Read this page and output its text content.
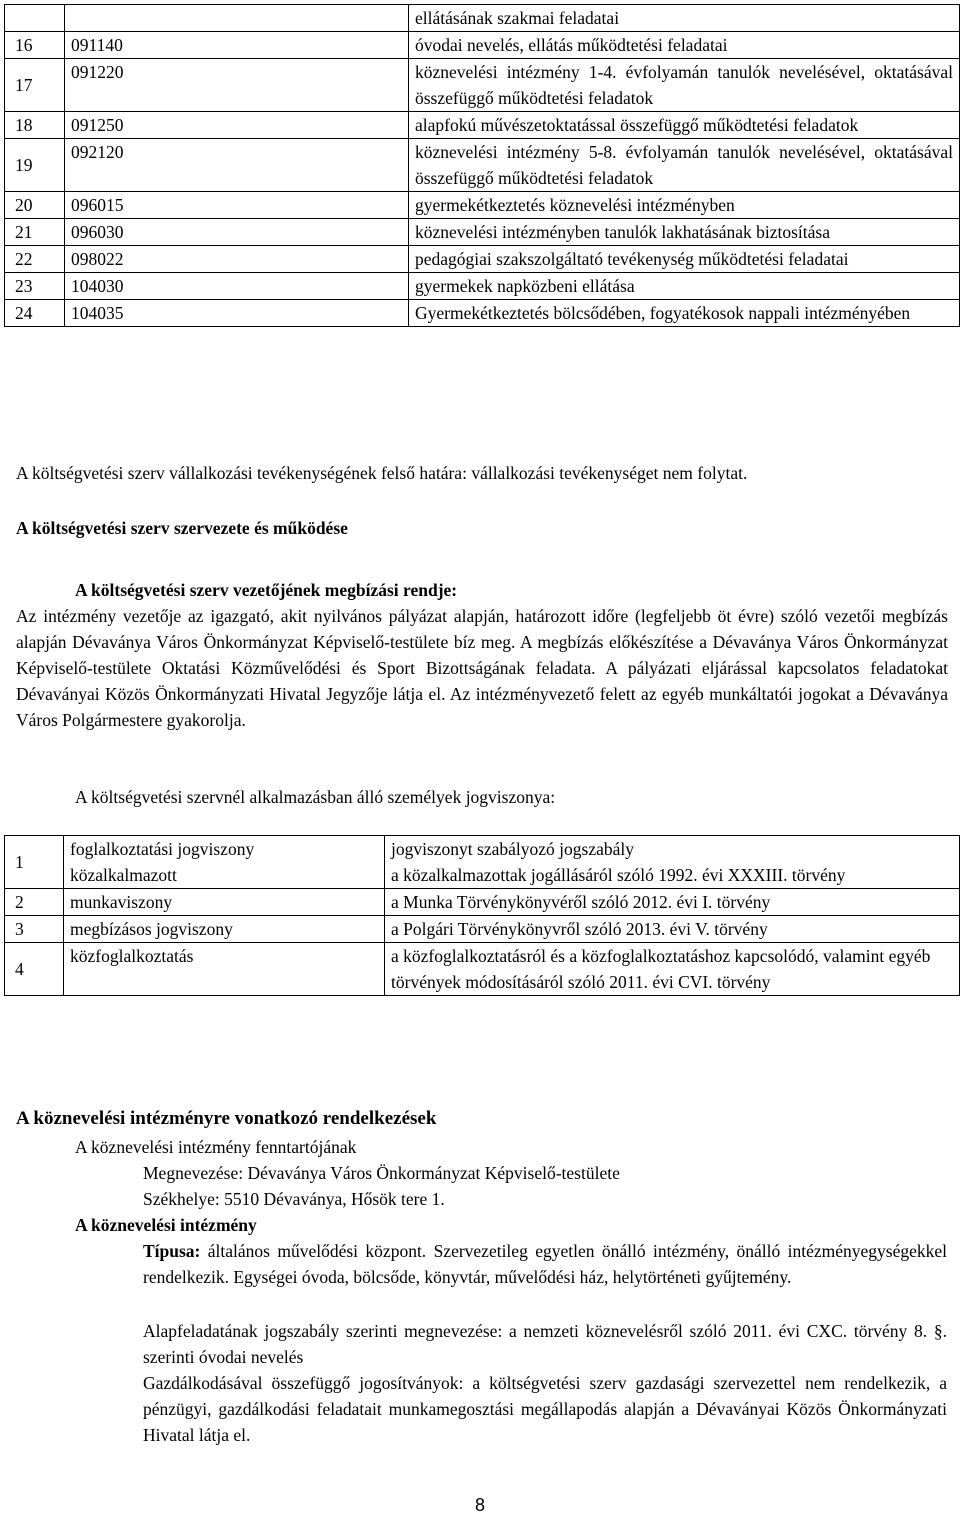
		ellátásának szakmai feladatai
16	091140	óvodai nevelés, ellátás működtetési feladatai
17	091220	köznevelési intézmény 1-4. évfolyamán tanulók nevelésével, oktatásával összefüggő működtetési feladatok
18	091250	alapfokú művészetoktatással összefüggő működtetési feladatok
19	092120	köznevelési intézmény 5-8. évfolyamán tanulók nevelésével, oktatásával összefüggő működtetési feladatok
20	096015	gyermekétkeztetés köznevelési intézményben
21	096030	köznevelési intézményben tanulók lakhatásának biztosítása
22	098022	pedagógiai szakszolgáltató tevékenység működtetési feladatai
23	104030	gyermekek napközbeni ellátása
24	104035	Gyermekétkeztetés bölcsődében, fogyatékosok nappali intézményében
A költségvetési szerv vállalkozási tevékenységének felső határa: vállalkozási tevékenységet nem folytat.
A költségvetési szerv szervezete és működése
A költségvetési szerv vezetőjének megbízási rendje:
Az intézmény vezetője az igazgató, akit nyilvános pályázat alapján, határozott időre (legfeljebb öt évre) szóló vezetői megbízás alapján Dévaványa Város Önkormányzat Képviselő-testülete bíz meg. A megbízás előkészítése a Dévaványa Város Önkormányzat Képviselő-testülete Oktatási Közművelődési és Sport Bizottságának feladata. A pályázati eljárással kapcsolatos feladatokat Dévaványai Közös Önkormányzati Hivatal Jegyzője látja el. Az intézményvezető felett az egyéb munkáltatói jogokat a Dévaványa Város Polgármestere gyakorolja.
A költségvetési szervnél alkalmazásban álló személyek jogviszonya:
1	foglalkoztatási jogviszony	jogviszonyt szabályozó jogszabály
	közalkalmazott	a közalkalmazottak jogállásáról szóló 1992. évi XXXIII. törvény
2	munkaviszony	a Munka Törvénykönyvéről szóló 2012. évi I. törvény
3	megbízásos jogviszony	a Polgári Törvénykönyvről szóló 2013. évi V. törvény
4	közfoglalkoztatás	a közfoglalkoztatásról és a közfoglalkoztatáshoz kapcsolódó, valamint egyéb törvények módosításáról szóló 2011. évi CVI. törvény
A köznevelési intézményre vonatkozó rendelkezések
A köznevelési intézmény fenntartójának
Megnevezése: Dévaványa Város Önkormányzat Képviselő-testülete
Székhelye: 5510 Dévaványa, Hősök tere 1.
A köznevelési intézmény
Típusa: általános művelődési központ. Szervezetileg egyetlen önálló intézmény, önálló intézményegységekkel rendelkezik. Egységei óvoda, bölcsőde, könyvtár, művelődési ház, helytörténeti gyűjtemény.
Alapfeladatának jogszabály szerinti megnevezése: a nemzeti köznevelésről szóló 2011. évi CXC. törvény 8. §. szerinti óvodai nevelés
Gazdálkodásával összefüggő jogosítványok: a költségvetési szerv gazdasági szervezettel nem rendelkezik, a pénzügyi, gazdálkodási feladatait munkamegosztási megállapodás alapján a Dévaványai Közös Önkormányzati Hivatal látja el.
8
